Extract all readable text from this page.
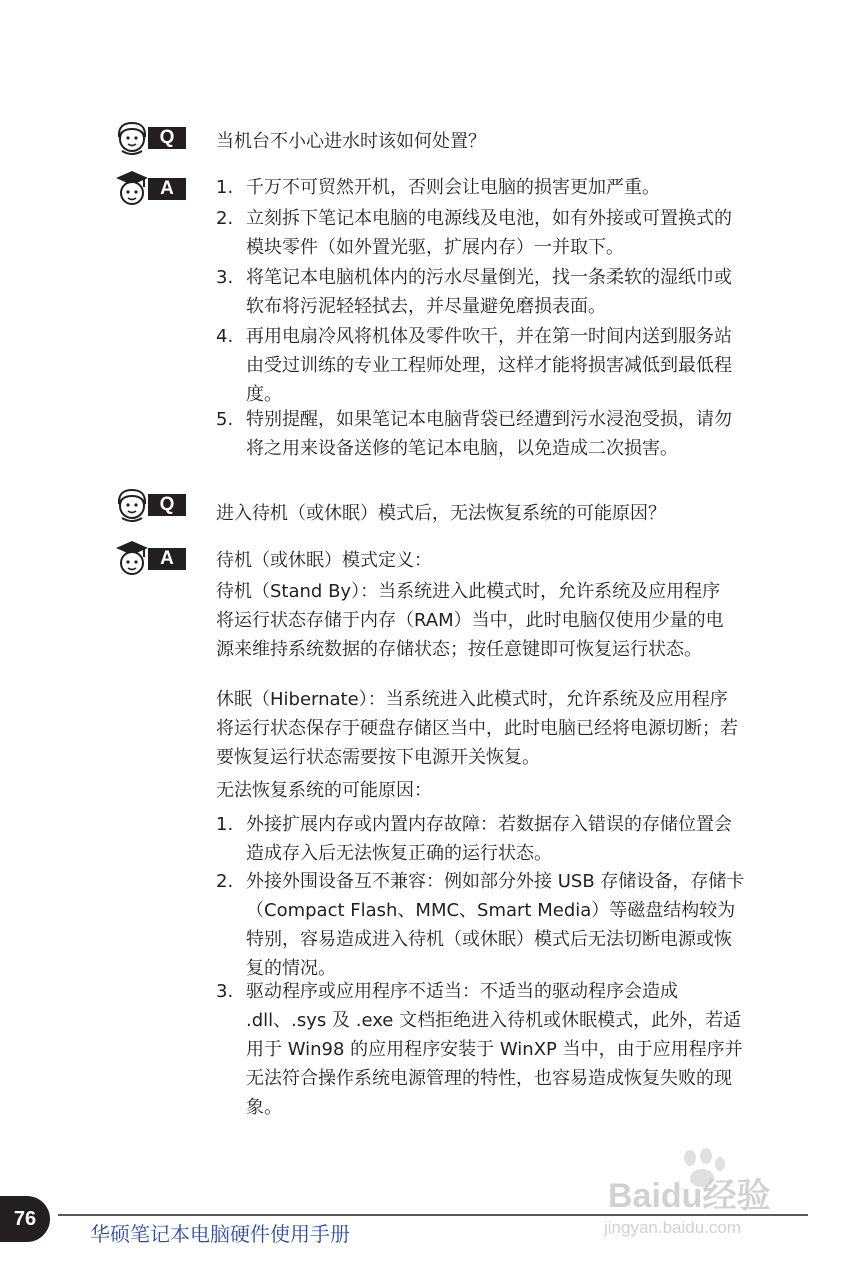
Q	当机台不小心进水时该如何处置？
A	1. 千万不可贸然开机，否则会让电脑的损害更加严重。
2. 立刻拆下笔记本电脑的电源线及电池，如有外接或可置换式的模块零件（如外置光驱，扩展内存）一并取下。
3. 将笔记本电脑机体内的污水尽量倒光，找一条柔软的湿纸巾或软布将污泥轻轻拭去，并尽量避免磨损表面。
4. 再用电扇冷风将机体及零件吹干，并在第一时间内送到服务站由受过训练的专业工程师处理，这样才能将损害减低到最低程度。
5. 特别提醒，如果笔记本电脑背袋已经遭到污水浸泡受损，请勿将之用来设备送修的笔记本电脑，以免造成二次损害。
Q	进入待机（或休眠）模式后，无法恢复系统的可能原因？
A	待机（或休眠）模式定义：
待机（Stand By）：当系统进入此模式时，允许系统及应用程序将运行状态存储于内存（RAM）当中，此时电脑仅使用少量的电源来维持系统数据的存储状态；按任意键即可恢复运行状态。
休眠（Hibernate）：当系统进入此模式时，允许系统及应用程序将运行状态保存于硬盘存储区当中，此时电脑已经将电源切断；若要恢复运行状态需要按下电源开关恢复。
无法恢复系统的可能原因：
1. 外接扩展内存或内置内存故障：若数据存入错误的存储位置会造成存入后无法恢复正确的运行状态。
2. 外接外围设备互不兼容：例如部分外接 USB 存储设备，存储卡（Compact Flash、MMC、Smart Media）等磁盘结构较为特别，容易造成进入待机（或休眠）模式后无法切断电源或恢复的情况。
3. 驱动程序或应用程序不适当：不适当的驱动程序会造成 .dll、.sys 及 .exe 文档拒绝进入待机或休眠模式，此外，若适用于 Win98 的应用程序安装于 WinXP 当中，由于应用程序并无法符合操作系统电源管理的特性，也容易造成恢复失败的现象。
76
华硕笔记本电脑硬件使用手册
Baidu经验
jingyan.baidu.com
